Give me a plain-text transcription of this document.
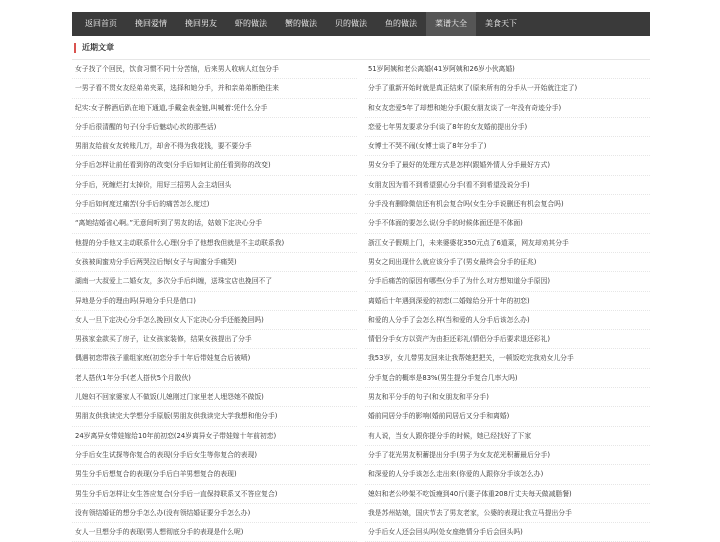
返回首页	挽回爱情	挽回男友	虾的做法	蟹的做法	贝的做法	鱼的做法	菜谱大全	美食天下
近期文章
女子找了个回民，饮食习惯不同十分苦恼，后来男人收病人红包分手	51岁阿姨和老公离婚(41岁阿姨和26岁小伙离婚)
一男子看不贯女友经弟弟夹菜，选择和她分手，并和亲弟弟断绝往来	分手了重新开始时就是真正结束了(原来所有的分手从一开始就注定了)
纪实:女子醉酒后趴在地下通道,手戴金表金链,叫喊着:凭什么分手	和女友恋爱5年了却想和她分手(跟女朋友谈了一年没有奇迹分手)
分手后很清醒的句子(分手后魅动心坎的那些话)	恋爱七年男友要求分手(谈了8年的女友婚前提出分手)
男朋友给前女友转账几万，却舍不得为我花钱，要不要分手	女博士不哭不闹(女博士谈了8年分手了)
分手后怎样让前任看到你的改变(分手后如何让前任看到你的改变)	男女分手了最好的处理方式是怎样(跟婚外情人分手最好方式)
分手后，死缠烂打太掉价，用好三招男人会主动回头	女朋友因为看不到希望狠心分手(看不到希望没说分手)
分手后如何度过痛苦(分手后的痛苦怎么度过)	分手没有删除微信还有机会复合吗(女生分手说删还有机会复合吗)
“离她结婚省心啊。”无意间听到了男友的话，姑娘下定决心分手	分手不体面的要怎么说(分手的时候体面还是不体面)
他提的分手他又主动联系什么心理(分手了他想我但就是不主动联系我)	浙江女子假期上门，未来婆婆花350元点了6道菜，网友却劝其分手
女孩被闺蜜劝分手后两哭泣后悔(女子与闺蜜分手痛哭)	男女之间出现什么就应该分手了(男女最终会分手的征兆)
湖南一大叔爱上二婚女友，多次分手后纠缠，送珠宝店也挽回不了	分手后痛苦的原因有哪些(分手了为什么对方想知道分手原因)
异地是分手的理由吗(异地分手只是借口)	离婚后十年遇到深爱的初恋(二婚嫁给分开十年的初恋)
女人一旦下定决心分手怎么挽回(女人下定决心分手还能挽回吗)	和爱的人分手了会怎么样(当和爱的人分手后该怎么办)
男孩家金款买了房子，让女孩家装修，结果女孩提出了分手	情侣分手女方以资产为由拒还彩礼(情侣分手后要求退还彩礼)
偶遇初恋带孩子重组家庭(初恋分手十年后带娃复合后被喷)	我53岁，女儿带男友回来让我帮她把把关，一顿饭吃完我劝女儿分手
老人搭伙1年分手(老人搭伙5个月散伙)	分手复合的概率是83%(男生提分手复合几率大吗)
儿媳妇不回家婆家人不做饭(儿媳刚过门家里老人埋怨她不做饭)	男友和平分手的句子(和女朋友和平分手)
男朋友供我读完大学想分手原版(男朋友供我读完大学我想和他分手)	婚前同居分手的影响(婚前同居后又分手和离婚)
24岁离异女带娃嫁给10年前初恋(24岁离异女子带娃嫁十年前初恋)	有人说，当女人跟你提分手的时候，她已经找好了下家
分手后女生试探等你复合的表现(分手后女生等你复合的表现)	分手了花光男友积蓄提出分手(男子为女友花光积蓄最后分手)
男生分手后想复合的表现(分手后白羊男想复合的表现)	和深爱的人分手该怎么走出来(你爱的人跟你分手该怎么办)
男生分手后怎样让女生答应复合(分手后一直保持联系又不答应复合)	媳妇和老公吵架不吃饭瘦到40斤(妻子体重208斤丈夫每天做减脂餐)
没有领结婚证的想分手怎么办(没有领结婚证要分手怎么办)	我是苏州姑娘，国庆节去了男友老家，公婆的表现让我立马提出分手
女人一旦想分手的表现(男人想彻底分手的表现是什么呢)	分手后女人还会回头吗(处女座绝情分手后会回头吗)
